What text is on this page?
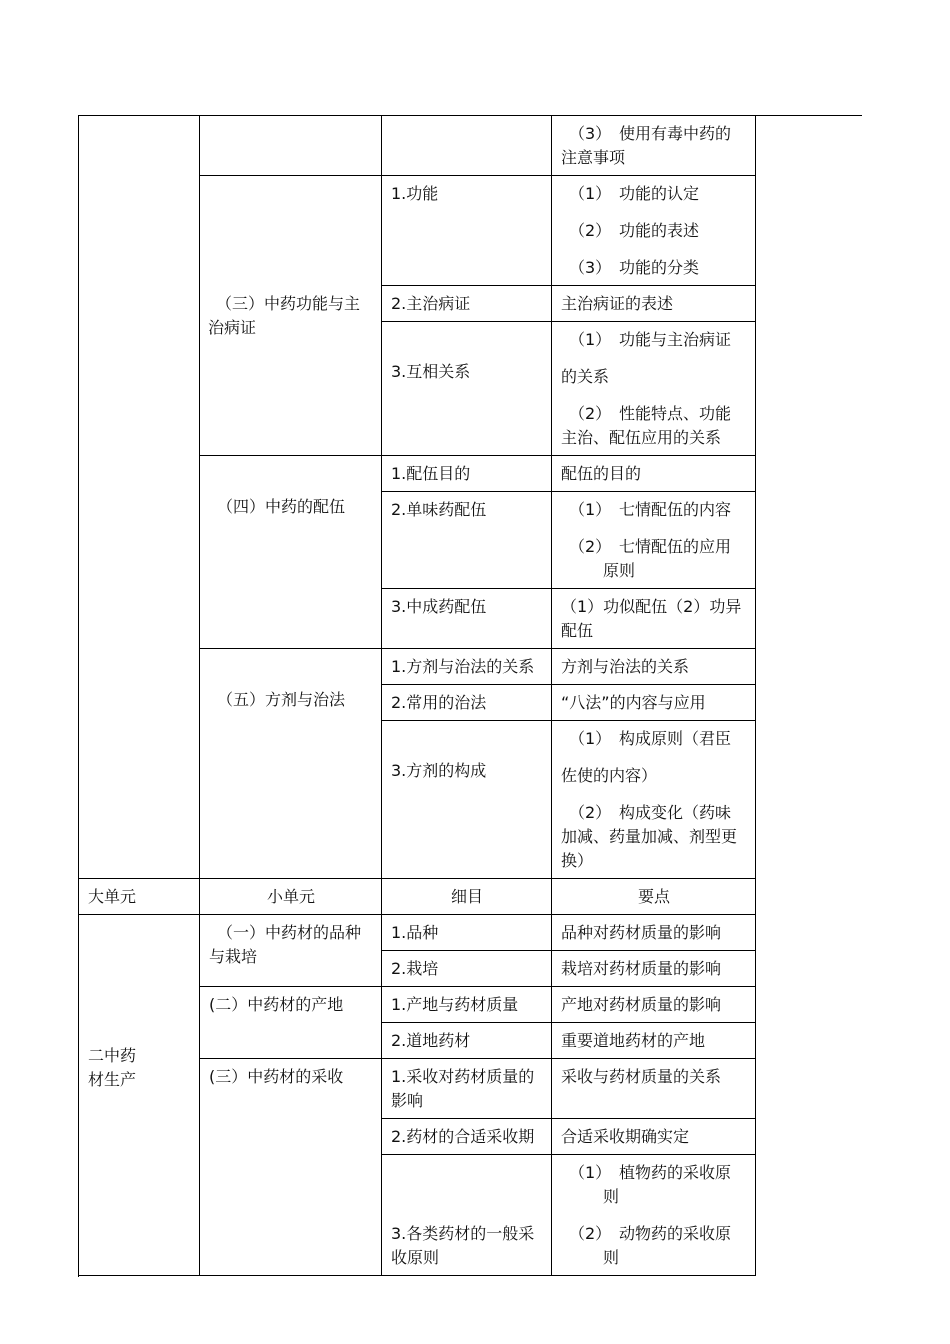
			（3） 使用有毒中药的
注意事项
	（三）中药功能与主治病证	1.功能	（1） 功能的认定
（2） 功能的表述
（3） 功能的分类

		2.主治病证	主治病证的表述
		3.互相关系	（1） 功能与主治病证
的关系
（2） 性能特点、功能
主治、配伍应用的关系

	（四）中药的配伍	1.配伍目的	配伍的目的
		2.单味药配伍	（1） 七情配伍的内容
（2） 七情配伍的应用
原则

		3.中成药配伍	（1）功似配伍（2）功异配伍
	（五）方剂与治法	1.方剂与治法的关系	方剂与治法的关系
		2.常用的治法	“八法”的内容与应用
		3.方剂的构成	（1） 构成原则（君臣
佐使的内容）
（2） 构成变化（药味
加减、药量加减、剂型更换）

大单元	小单元	细目	要点
二中药材生产	（一）中药材的品种与栽培	1.品种	品种对药材质量的影响
		2.栽培	栽培对药材质量的影响
	(二）中药材的产地	1.产地与药材质量	产地对药材质量的影响
		2.道地药材	重要道地药材的产地
	(三）中药材的采收	1.采收对药材质量的影响	采收与药材质量的关系
		2.药材的合适采收期	合适采收期确实定
		3.各类药材的一般采收原则	（1） 植物药的采收原
则
（2） 动物药的采收原
则
